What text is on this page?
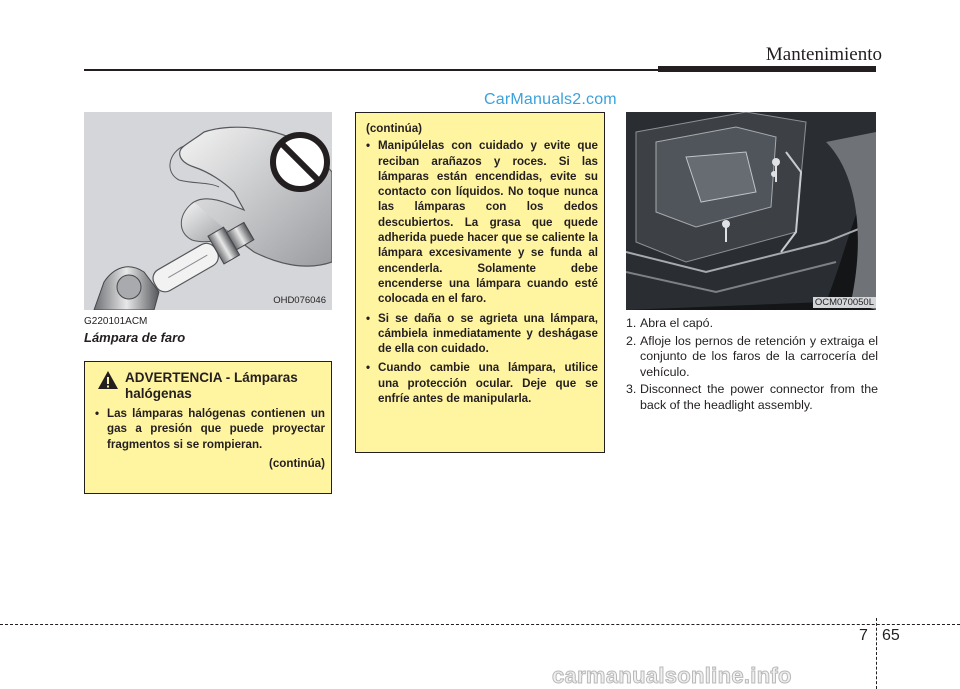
Mantenimiento
CarManuals2.com
OHD076046	OCM070050L
G220101ACM
Lámpara de faro
ADVERTENCIA - Lámparas
halógenas
• Las lámparas halógenas contienen un gas a presión que puede proyectar fragmentos si se rompieran.
(continúa)
(continúa)
• Manipúlelas con cuidado y evite que reciban arañazos y roces. Si las lámparas están encendidas, evite su contacto con líquidos. No toque nunca las lámparas con los dedos descubiertos. La grasa que quede adherida puede hacer que se caliente la lámpara excesivamente y se funda al encenderla. Solamente debe encenderse una lámpara cuando esté colocada en el faro.
• Si se daña o se agrieta una lámpara, cámbiela inmediatamente y deshágase de ella con cuidado.
• Cuando cambie una lámpara, utilice una protección ocular. Deje que se enfríe antes de manipularla.
1. Abra el capó.
2. Afloje los pernos de retención y extraiga el conjunto de los faros de la carrocería del vehículo.
3. Disconnect the power connector from the back of the headlight assembly.
7 65
carmanualsonline.info
